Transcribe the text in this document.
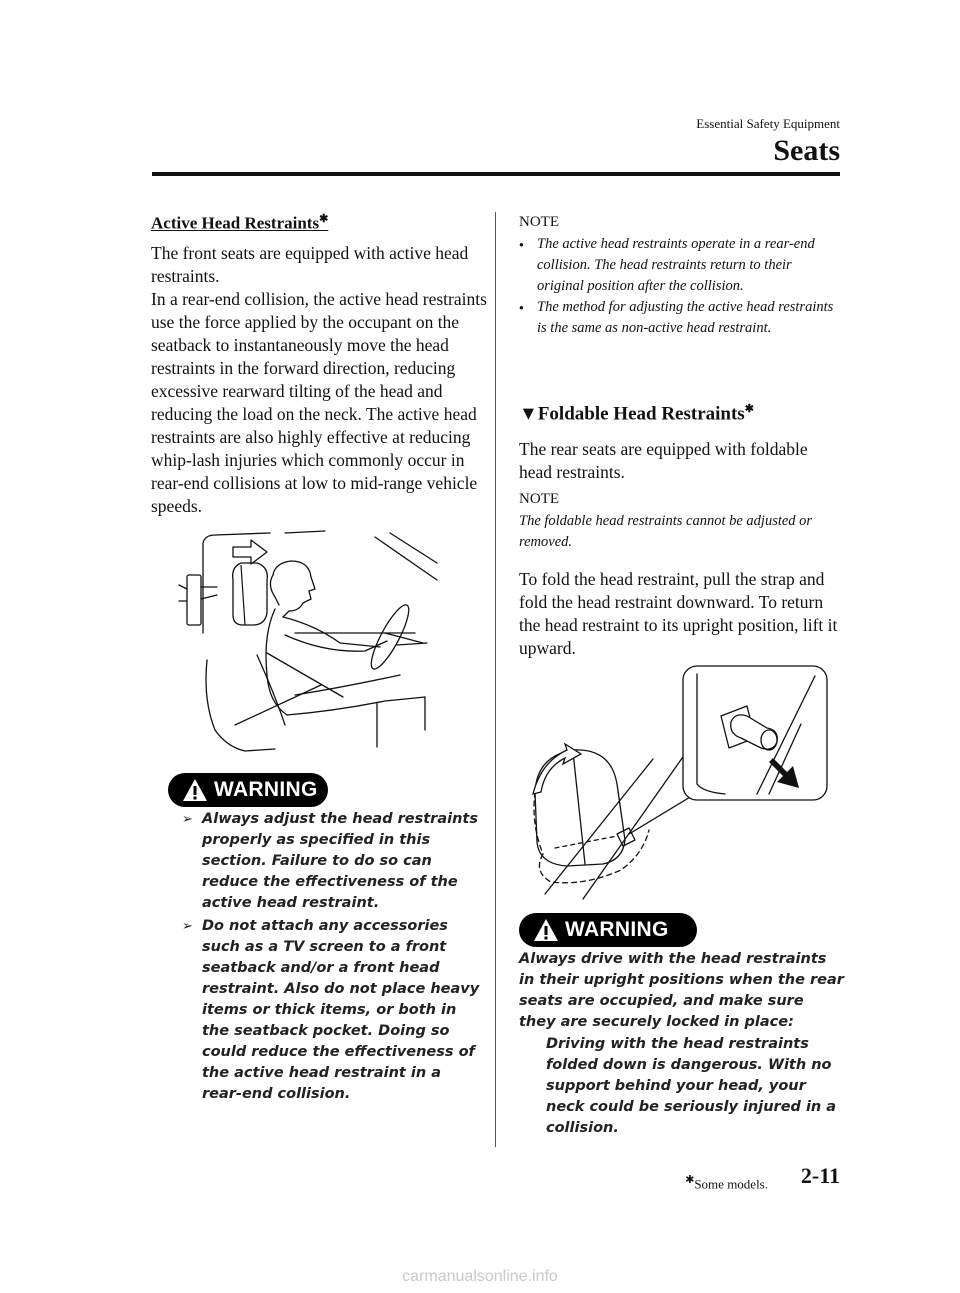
Essential Safety Equipment
Seats
Active Head Restraints✱
The front seats are equipped with active head restraints.
In a rear-end collision, the active head restraints use the force applied by the occupant on the seatback to instantaneously move the head restraints in the forward direction, reducing excessive rearward tilting of the head and reducing the load on the neck. The active head restraints are also highly effective at reducing whip-lash injuries which commonly occur in rear-end collisions at low to mid-range vehicle speeds.
WARNING
➢ Always adjust the head restraints properly as specified in this section. Failure to do so can reduce the effectiveness of the active head restraint.
➢ Do not attach any accessories such as a TV screen to a front seatback and/or a front head restraint. Also do not place heavy items or thick items, or both in the seatback pocket. Doing so could reduce the effectiveness of the active head restraint in a rear-end collision.
NOTE
● The active head restraints operate in a rear-end collision. The head restraints return to their original position after the collision.
● The method for adjusting the active head restraints is the same as non-active head restraint.
▼Foldable Head Restraints✱
The rear seats are equipped with foldable head restraints.
NOTE
The foldable head restraints cannot be adjusted or removed.
To fold the head restraint, pull the strap and fold the head restraint downward. To return the head restraint to its upright position, lift it upward.
WARNING
Always drive with the head restraints in their upright positions when the rear seats are occupied, and make sure they are securely locked in place:
Driving with the head restraints folded down is dangerous. With no support behind your head, your neck could be seriously injured in a collision.
✱Some models. 2-11
carmanualsonline.info
